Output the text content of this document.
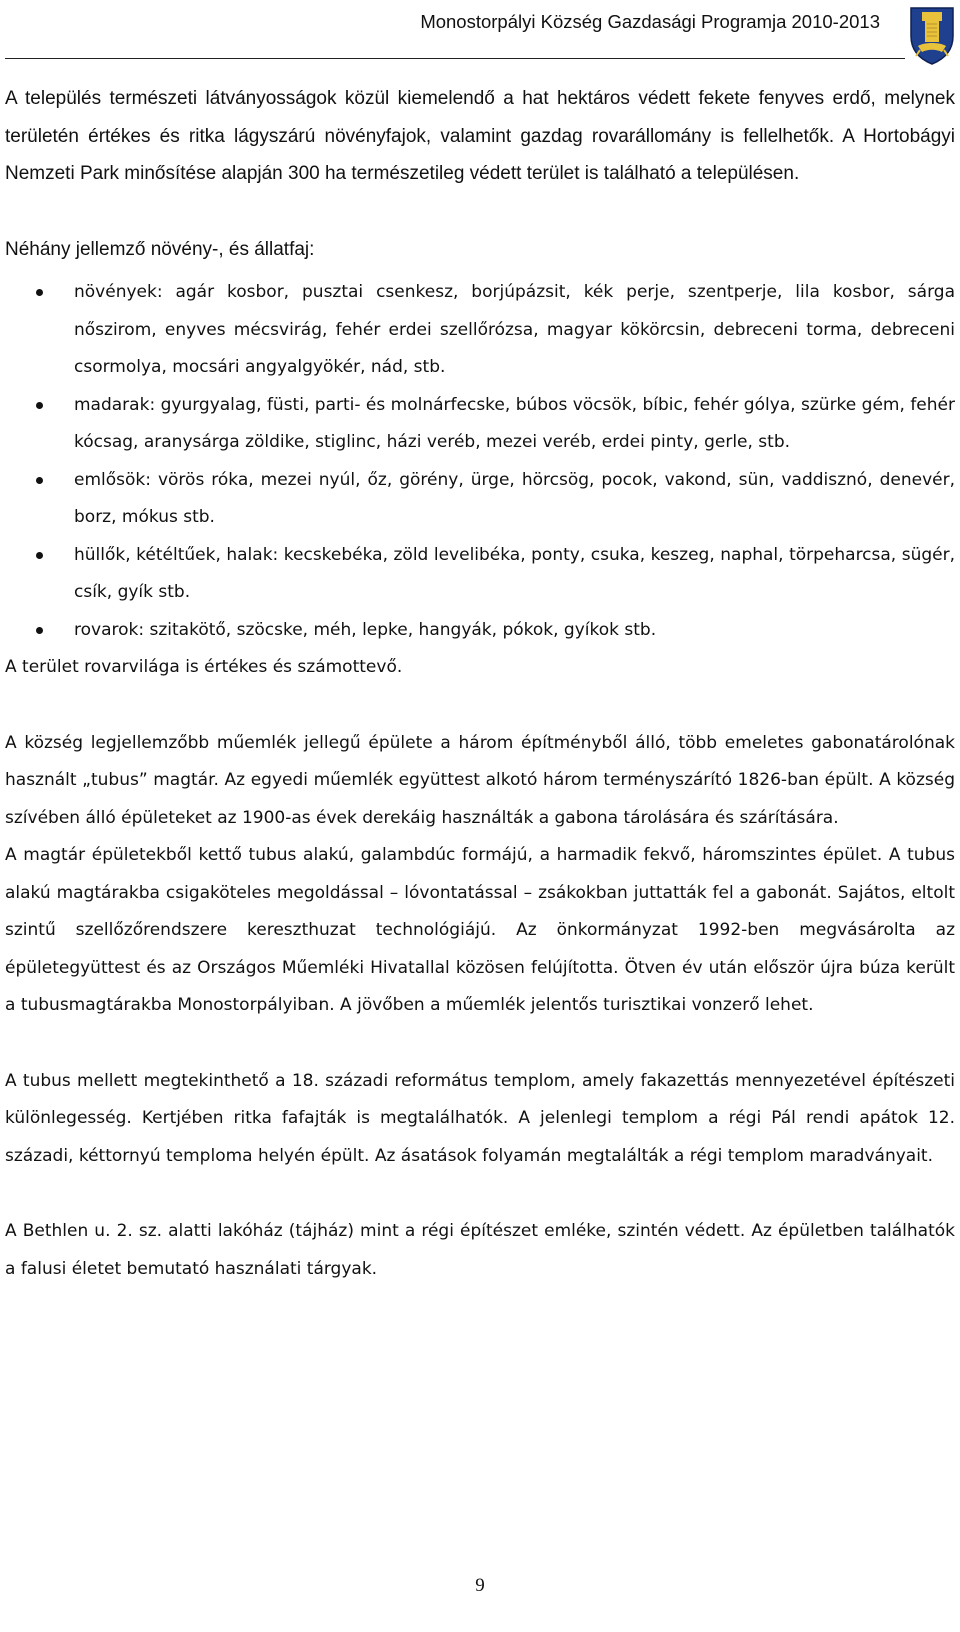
Monostorpályi Község Gazdasági Programja 2010-2013

A település természeti látványosságok közül kiemelendő a hat hektáros védett fekete fenyves erdő, melynek területén értékes és ritka lágyszárú növényfajok, valamint gazdag rovarállomány is fellelhetők. A Hortobágyi Nemzeti Park minősítése alapján 300 ha természetileg védett terület is található a településen.

Néhány jellemző növény-, és állatfaj:

növények: agár kosbor, pusztai csenkesz, borjúpázsit, kék perje, szentperje, lila kosbor, sárga nőszirom, enyves mécsvirág, fehér erdei szellőrózsa, magyar kökörcsin, debreceni torma, debreceni csormolya, mocsári angyalgyökér, nád, stb.
madarak: gyurgyalag, füsti, parti- és molnárfecske, búbos vöcsök, bíbic, fehér gólya, szürke gém, fehér kócsag, aranysárga zöldike, stiglinc, házi veréb, mezei veréb, erdei pinty, gerle, stb.
emlősök: vörös róka, mezei nyúl, őz, görény, ürge, hörcsög, pocok, vakond, sün, vaddisznó, denevér, borz, mókus stb.
hüllők, kétéltűek, halak: kecskebéka, zöld levelibéka, ponty, csuka, keszeg, naphal, törpeharcsa, sügér, csík, gyík stb.
rovarok: szitakötő, szöcske, méh, lepke, hangyák, pókok, gyíkok stb.

A terület rovarvilága is értékes és számottevő.

A község legjellemzőbb műemlék jellegű épülete a három építményből álló, több emeletes gabonatárolónak használt „tubus” magtár. Az egyedi műemlék együttest alkotó három terményszárító 1826-ban épült. A község szívében álló épületeket az 1900-as évek derekáig használták a gabona tárolására és szárítására.

A magtár épületekből kettő tubus alakú, galambdúc formájú, a harmadik fekvő, háromszintes épület. A tubus alakú magtárakba csigaköteles megoldással – lóvontatással – zsákokban juttatták fel a gabonát. Sajátos, eltolt szintű szellőzőrendszere kereszthuzat technológiájú. Az önkormányzat 1992-ben megvásárolta az épületegyüttest és az Országos Műemléki Hivatallal közösen felújította. Ötven év után először újra búza került a tubusmagtárakba Monostorpályiban. A jövőben a műemlék jelentős turisztikai vonzerő lehet.

A tubus mellett megtekinthető a 18. századi református templom, amely fakazettás mennyezetével építészeti különlegesség. Kertjében ritka fafajták is megtalálhatók. A jelenlegi templom a régi Pál rendi apátok 12. századi, kéttornyú temploma helyén épült. Az ásatások folyamán megtalálták a régi templom maradványait.

A Bethlen u. 2. sz. alatti lakóház (tájház) mint a régi építészet emléke, szintén védett. Az épületben találhatók a falusi életet bemutató használati tárgyak.

9
